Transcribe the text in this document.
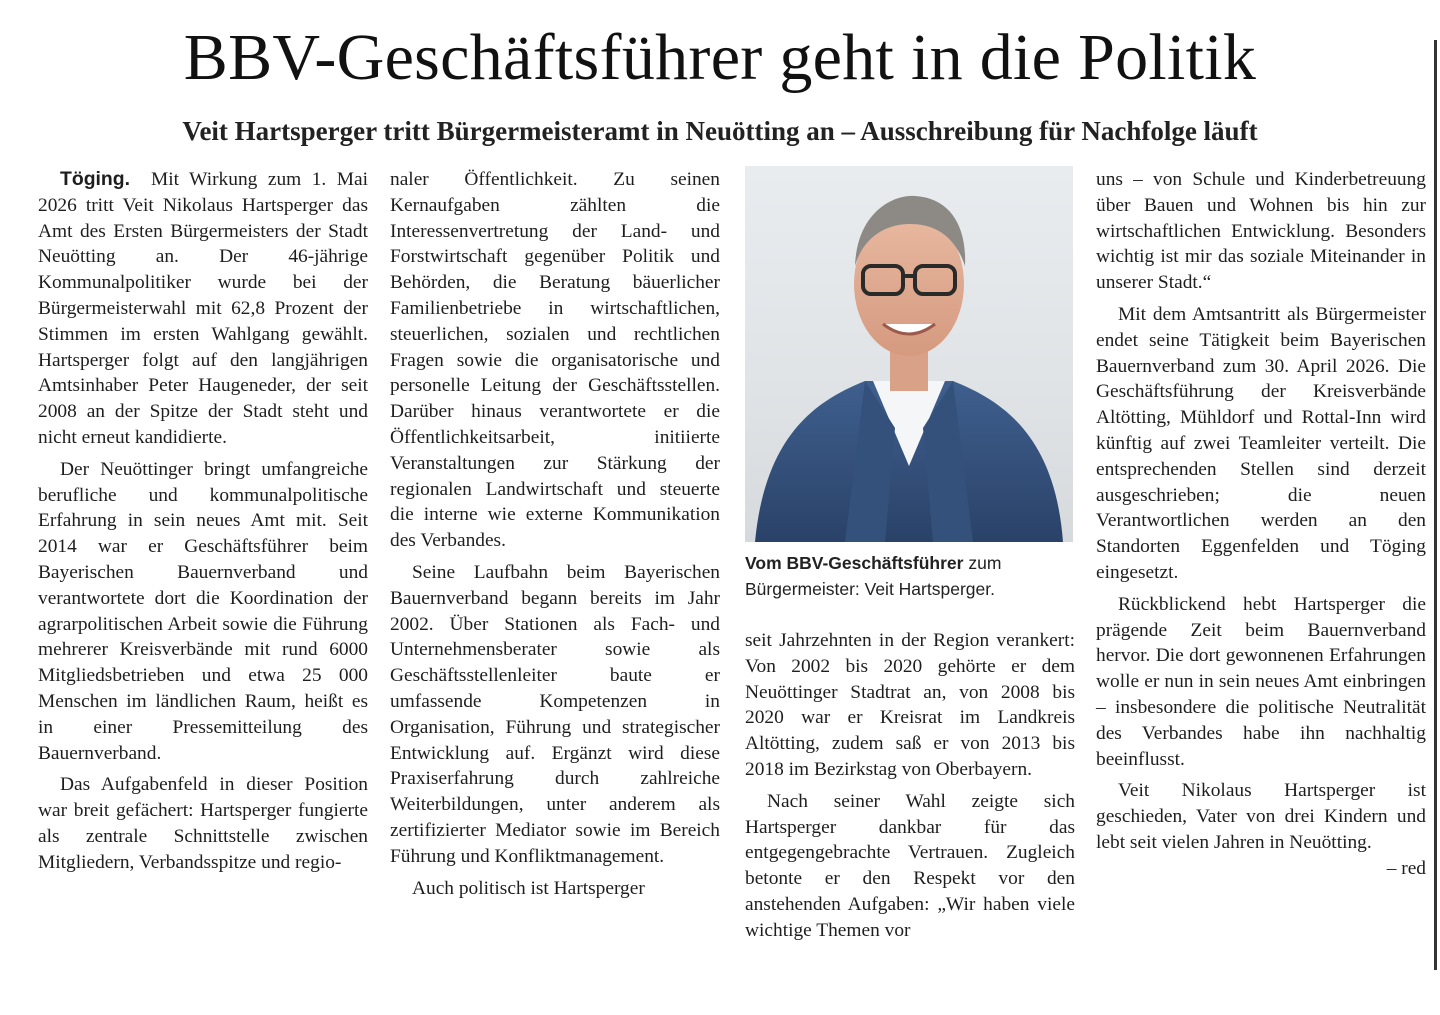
BBV-Geschäftsführer geht in die Politik
Veit Hartsperger tritt Bürgermeisteramt in Neuötting an – Ausschreibung für Nachfolge läuft

Töging. Mit Wirkung zum 1. Mai 2026 tritt Veit Nikolaus Hartsperger das Amt des Ersten Bürgermeisters der Stadt Neuötting an. Der 46-jährige Kommunalpolitiker wurde bei der Bürgermeisterwahl mit 62,8 Prozent der Stimmen im ersten Wahlgang gewählt. Hartsperger folgt auf den langjährigen Amtsinhaber Peter Haugeneder, der seit 2008 an der Spitze der Stadt steht und nicht erneut kandidierte.

Der Neuöttinger bringt umfangreiche berufliche und kommunalpolitische Erfahrung in sein neues Amt mit. Seit 2014 war er Geschäftsführer beim Bayerischen Bauernverband und verantwortete dort die Koordination der agrarpolitischen Arbeit sowie die Führung mehrerer Kreisverbände mit rund 6000 Mitgliedsbetrieben und etwa 25 000 Menschen im ländlichen Raum, heißt es in einer Pressemitteilung des Bauernverband.

Das Aufgabenfeld in dieser Position war breit gefächert: Hartsperger fungierte als zentrale Schnittstelle zwischen Mitgliedern, Verbandsspitze und regio-

naler Öffentlichkeit. Zu seinen Kernaufgaben zählten die Interessenvertretung der Land- und Forstwirtschaft gegenüber Politik und Behörden, die Beratung bäuerlicher Familienbetriebe in wirtschaftlichen, steuerlichen, sozialen und rechtlichen Fragen sowie die organisatorische und personelle Leitung der Geschäftsstellen. Darüber hinaus verantwortete er die Öffentlichkeitsarbeit, initiierte Veranstaltungen zur Stärkung der regionalen Landwirtschaft und steuerte die interne wie externe Kommunikation des Verbandes.

Seine Laufbahn beim Bayerischen Bauernverband begann bereits im Jahr 2002. Über Stationen als Fach- und Unternehmensberater sowie als Geschäftsstellenleiter baute er umfassende Kompetenzen in Organisation, Führung und strategischer Entwicklung auf. Ergänzt wird diese Praxiserfahrung durch zahlreiche Weiterbildungen, unter anderem als zertifizierter Mediator sowie im Bereich Führung und Konfliktmanagement.

Auch politisch ist Hartsperger

Vom BBV-Geschäftsführer zum Bürgermeister: Veit Hartsperger.

seit Jahrzehnten in der Region verankert: Von 2002 bis 2020 gehörte er dem Neuöttinger Stadtrat an, von 2008 bis 2020 war er Kreisrat im Landkreis Altötting, zudem saß er von 2013 bis 2018 im Bezirkstag von Oberbayern.

Nach seiner Wahl zeigte sich Hartsperger dankbar für das entgegengebrachte Vertrauen. Zugleich betonte er den Respekt vor den anstehenden Aufgaben: „Wir haben viele wichtige Themen vor

uns – von Schule und Kinderbetreuung über Bauen und Wohnen bis hin zur wirtschaftlichen Entwicklung. Besonders wichtig ist mir das soziale Miteinander in unserer Stadt.“

Mit dem Amtsantritt als Bürgermeister endet seine Tätigkeit beim Bayerischen Bauernverband zum 30. April 2026. Die Geschäftsführung der Kreisverbände Altötting, Mühldorf und Rottal-Inn wird künftig auf zwei Teamleiter verteilt. Die entsprechenden Stellen sind derzeit ausgeschrieben; die neuen Verantwortlichen werden an den Standorten Eggenfelden und Töging eingesetzt.

Rückblickend hebt Hartsperger die prägende Zeit beim Bauernverband hervor. Die dort gewonnenen Erfahrungen wolle er nun in sein neues Amt einbringen – insbesondere die politische Neutralität des Verbandes habe ihn nachhaltig beeinflusst.

Veit Nikolaus Hartsperger ist geschieden, Vater von drei Kindern und lebt seit vielen Jahren in Neuötting.
– red
